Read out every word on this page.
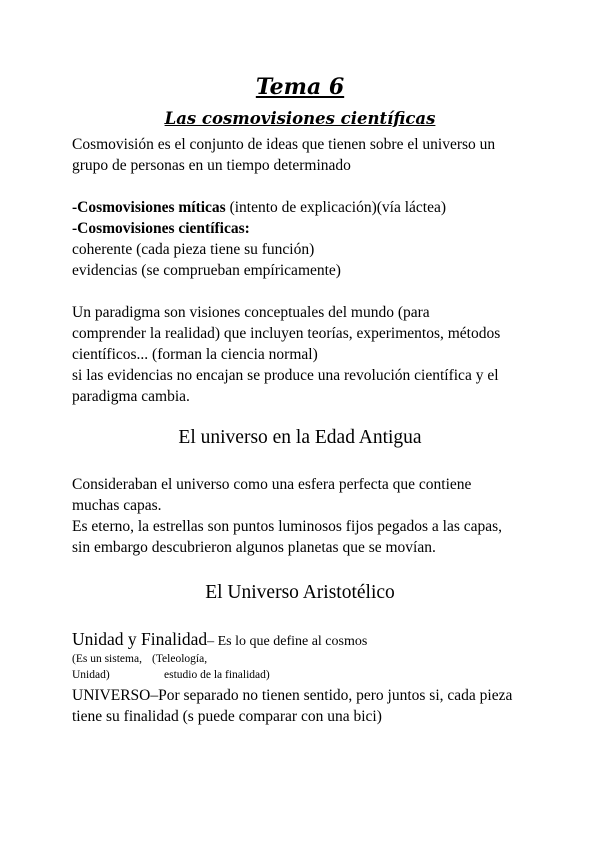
Tema 6
Las cosmovisiones científicas
Cosmovisión es el conjunto de ideas que tienen sobre el universo un
grupo de personas en un tiempo determinado
-Cosmovisiones míticas (intento de explicación)(vía láctea)
-Cosmovisiones científicas:
coherente (cada pieza tiene su función)
evidencias (se comprueban empíricamente)
Un paradigma son visiones conceptuales del mundo (para
comprender la realidad) que incluyen teorías, experimentos, métodos
científicos... (forman la ciencia normal)
si las evidencias no encajan se produce una revolución científica y el
paradigma cambia.
El universo en la Edad Antigua
Consideraban el universo como una esfera perfecta que contiene
muchas capas.
Es eterno, la estrellas son puntos luminosos fijos pegados a las capas,
sin embargo descubrieron algunos planetas que se movían.
El Universo Aristotélico
Unidad y Finalidad– Es lo que define al cosmos
(Es un sistema, (Teleología,
Unidad)	estudio de la finalidad)
UNIVERSO–Por separado no tienen sentido, pero juntos si, cada pieza
tiene su finalidad (s puede comparar con una bici)
